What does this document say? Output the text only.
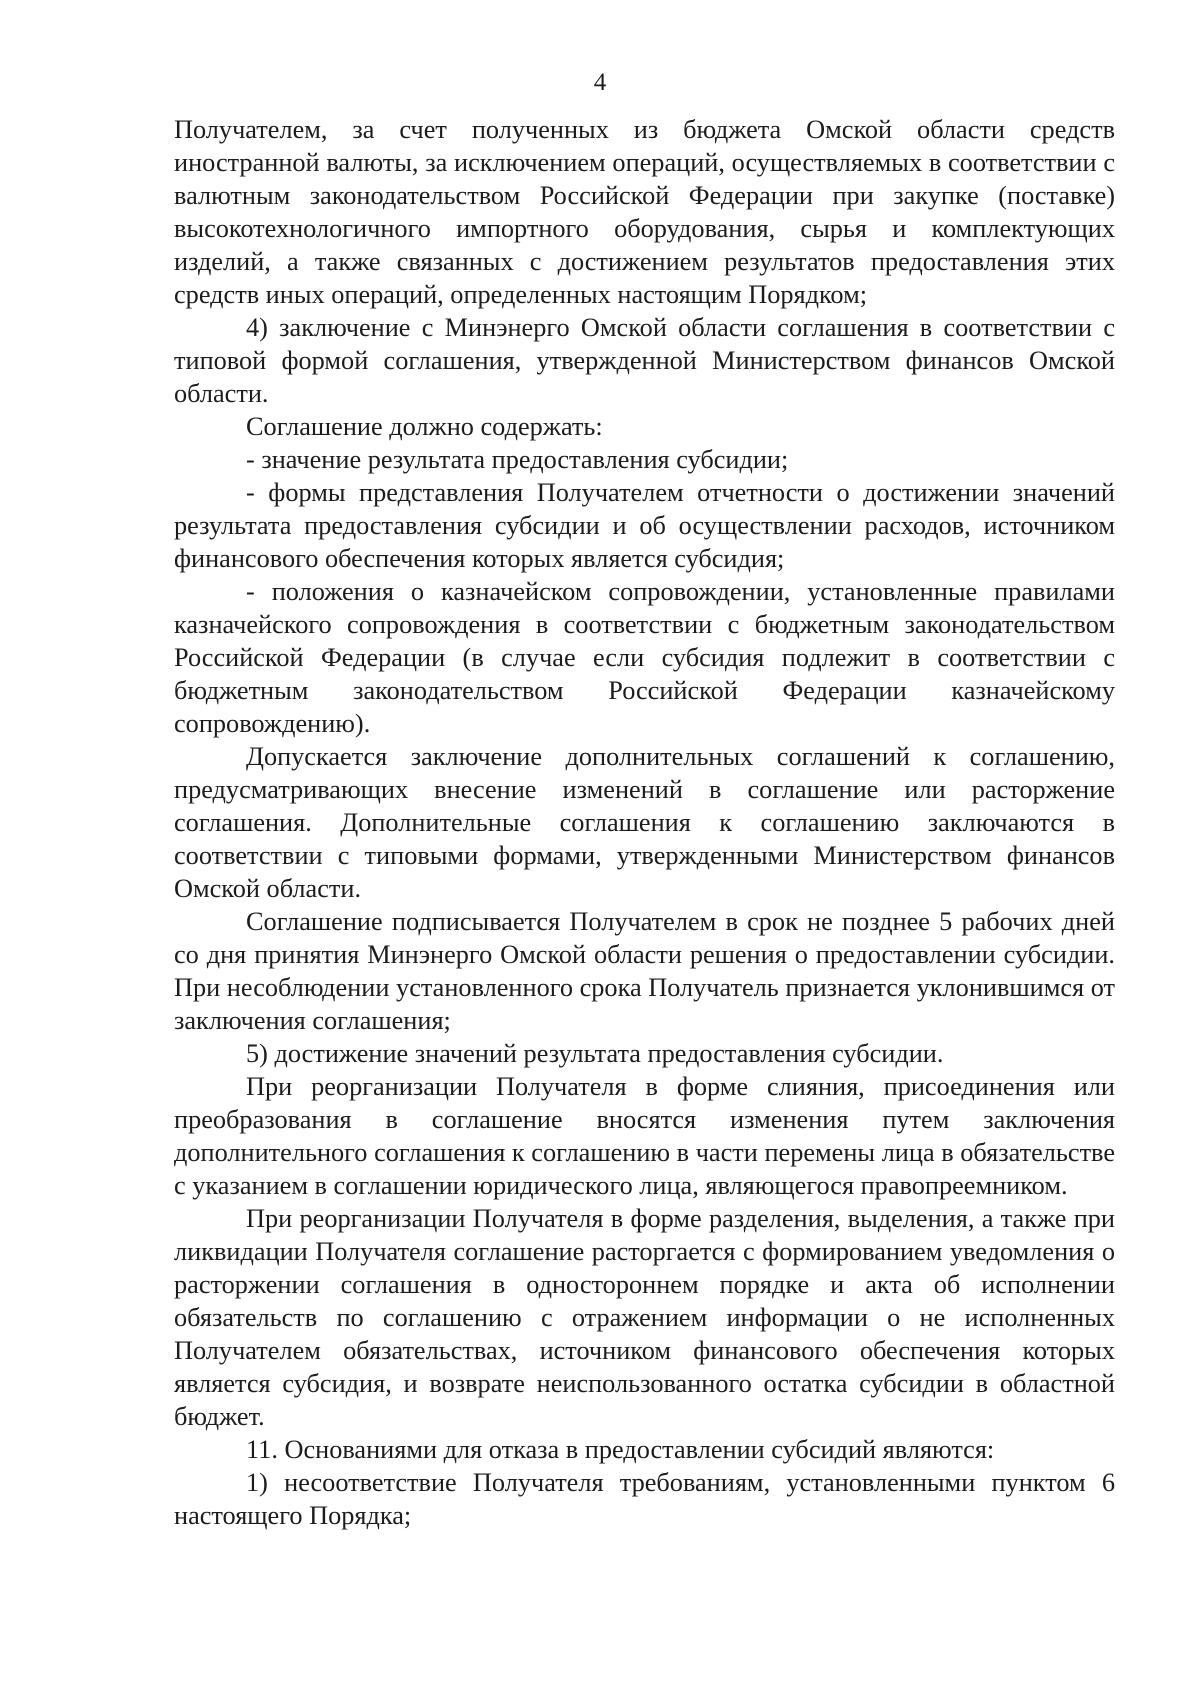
4

Получателем, за счет полученных из бюджета Омской области средств иностранной валюты, за исключением операций, осуществляемых в соответствии с валютным законодательством Российской Федерации при закупке (поставке) высокотехнологичного импортного оборудования, сырья и комплектующих изделий, а также связанных с достижением результатов предоставления этих средств иных операций, определенных настоящим Порядком;

4) заключение с Минэнерго Омской области соглашения в соответствии с типовой формой соглашения, утвержденной Министерством финансов Омской области.

Соглашение должно содержать:

- значение результата предоставления субсидии;

- формы представления Получателем отчетности о достижении значений результата предоставления субсидии и об осуществлении расходов, источником финансового обеспечения которых является субсидия;

- положения о казначейском сопровождении, установленные правилами казначейского сопровождения в соответствии с бюджетным законодательством Российской Федерации (в случае если субсидия подлежит в соответствии с бюджетным законодательством Российской Федерации казначейскому сопровождению).

Допускается заключение дополнительных соглашений к соглашению, предусматривающих внесение изменений в соглашение или расторжение соглашения. Дополнительные соглашения к соглашению заключаются в соответствии с типовыми формами, утвержденными Министерством финансов Омской области.

Соглашение подписывается Получателем в срок не позднее 5 рабочих дней со дня принятия Минэнерго Омской области решения о предоставлении субсидии. При несоблюдении установленного срока Получатель признается уклонившимся от заключения соглашения;

5) достижение значений результата предоставления субсидии.

При реорганизации Получателя в форме слияния, присоединения или преобразования в соглашение вносятся изменения путем заключения дополнительного соглашения к соглашению в части перемены лица в обязательстве с указанием в соглашении юридического лица, являющегося правопреемником.

При реорганизации Получателя в форме разделения, выделения, а также при ликвидации Получателя соглашение расторгается с формированием уведомления о расторжении соглашения в одностороннем порядке и акта об исполнении обязательств по соглашению с отражением информации о не исполненных Получателем обязательствах, источником финансового обеспечения которых является субсидия, и возврате неиспользованного остатка субсидии в областной бюджет.

11. Основаниями для отказа в предоставлении субсидий являются:

1) несоответствие Получателя требованиям, установленными пунктом 6 настоящего Порядка;
